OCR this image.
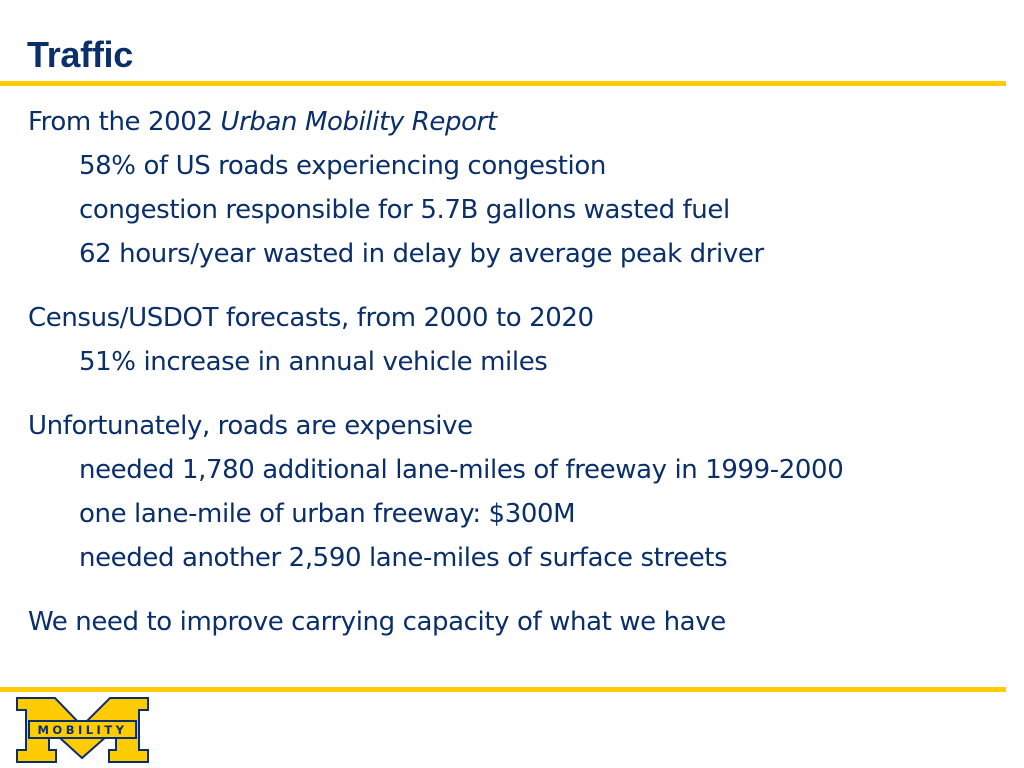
Traffic
From the 2002 Urban Mobility Report
58% of US roads experiencing congestion
congestion responsible for 5.7B gallons wasted fuel
62 hours/year wasted in delay by average peak driver
Census/USDOT forecasts, from 2000 to 2020
51% increase in annual vehicle miles
Unfortunately, roads are expensive
needed 1,780 additional lane-miles of freeway in 1999-2000
one lane-mile of urban freeway: $300M
needed another 2,590 lane-miles of surface streets
We need to improve carrying capacity of what we have
MOBILITY
